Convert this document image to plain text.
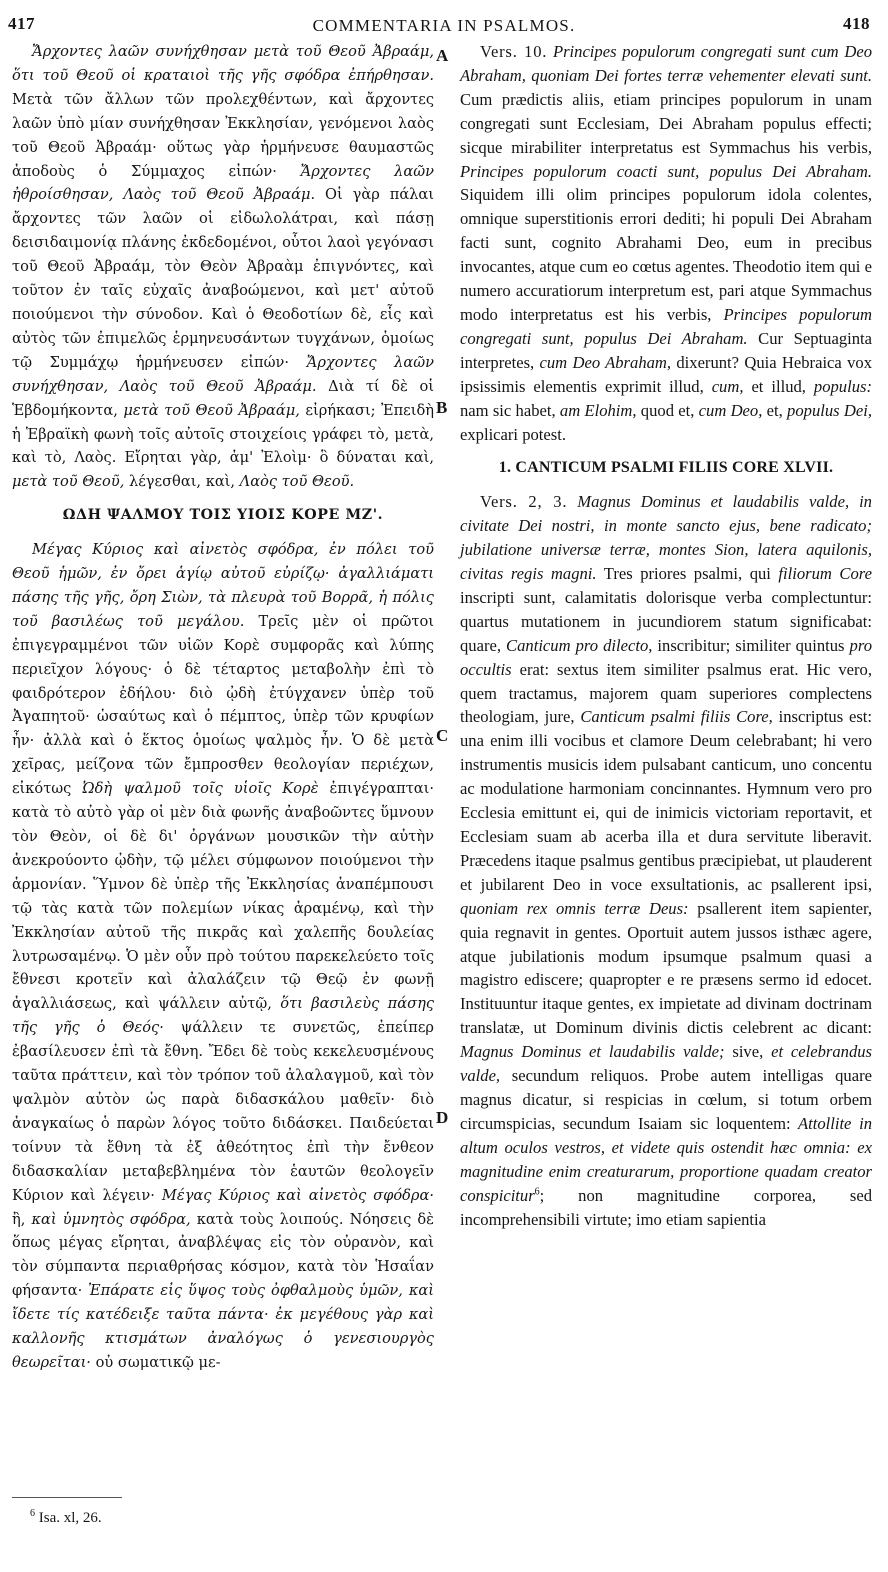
417	COMMENTARIA IN PSALMOS.	418

Ἄρχοντες λαῶν συνήχθησαν μετὰ τοῦ Θεοῦ Ἀβραάμ, ὅτι τοῦ Θεοῦ οἱ κραταιοὶ τῆς γῆς σφόδρα ἐπήρθησαν. Μετὰ τῶν ἄλλων τῶν προλεχθέντων, καὶ ἄρχοντες λαῶν ὑπὸ μίαν συνήχθησαν Ἐκκλησίαν, γενόμενοι λαὸς τοῦ Θεοῦ Ἀβραάμ· οὕτως γὰρ ἡρμήνευσε θαυμαστῶς ἀποδοὺς ὁ Σύμμαχος εἰπών· Ἄρχοντες λαῶν ἠθροίσθησαν, Λαὸς τοῦ Θεοῦ Ἀβραάμ. Οἱ γὰρ πάλαι ἄρχοντες τῶν λαῶν οἱ εἰδωλολάτραι, καὶ πάσῃ δεισιδαιμονίᾳ πλάνης ἐκδεδομένοι, οὗτοι λαοὶ γεγόνασι τοῦ Θεοῦ Ἀβραάμ, τὸν Θεὸν Ἀβραὰμ ἐπιγνόντες, καὶ τοῦτον ἐν ταῖς εὐχαῖς ἀναβοώμενοι, καὶ μετ' αὐτοῦ ποιούμενοι τὴν σύνοδον. Καὶ ὁ Θεοδοτίων δὲ, εἷς καὶ αὐτὸς τῶν ἐπιμελῶς ἑρμηνευσάντων τυγχάνων, ὁμοίως τῷ Συμμάχῳ ἡρμήνευσεν εἰπών· Ἄρχοντες λαῶν συνήχθησαν, Λαὸς τοῦ Θεοῦ Ἀβραάμ. Διὰ τί δὲ οἱ Ἑβδομήκοντα, μετὰ τοῦ Θεοῦ Ἀβραάμ, εἰρήκασι; Ἐπειδὴ ἡ Ἑβραϊκὴ φωνὴ τοῖς αὐτοῖς στοιχείοις γράφει τὸ, μετὰ, καὶ τὸ, Λαὸς. Εἴρηται γὰρ, ἀμ' Ἐλοὶμ· ὃ δύναται καὶ, μετὰ τοῦ Θεοῦ, λέγεσθαι, καὶ, Λαὸς τοῦ Θεοῦ.

ΩΔΗ ΨΑΛΜΟΥ ΤΟΙΣ ΥΙΟΙΣ ΚΟΡΕ ΜΖ'.

Μέγας Κύριος καὶ αἰνετὸς σφόδρα, ἐν πόλει τοῦ Θεοῦ ἡμῶν, ἐν ὄρει ἁγίῳ αὐτοῦ εὐρίζῳ· ἀγαλλιάματι πάσης τῆς γῆς, ὄρη Σιὼν, τὰ πλευρὰ τοῦ Βορρᾶ, ἡ πόλις τοῦ βασιλέως τοῦ μεγάλου. Τρεῖς μὲν οἱ πρῶτοι ἐπιγεγραμμένοι τῶν υἱῶν Κορὲ συμφορᾶς καὶ λύπης περιεῖχον λόγους· ὁ δὲ τέταρτος μεταβολὴν ἐπὶ τὸ φαιδρότερον ἐδήλου· διὸ ᾠδὴ ἐτύγχανεν ὑπὲρ τοῦ Ἀγαπητοῦ· ὡσαύτως καὶ ὁ πέμπτος, ὑπὲρ τῶν κρυφίων ἦν· ἀλλὰ καὶ ὁ ἕκτος ὁμοίως ψαλμὸς ἦν. Ὁ δὲ μετὰ χεῖρας, μείζονα τῶν ἔμπροσθεν θεολογίαν περιέχων, εἰκότως Ὠδὴ ψαλμοῦ τοῖς υἱοῖς Κορὲ ἐπιγέγραπται· κατὰ τὸ αὐτὸ γὰρ οἱ μὲν διὰ φωνῆς ἀναβοῶντες ὕμνουν τὸν Θεὸν, οἱ δὲ δι' ὀργάνων μουσικῶν τὴν αὐτὴν ἀνεκρούοντο ᾠδὴν, τῷ μέλει σύμφωνον ποιούμενοι τὴν ἁρμονίαν. Ὕμνον δὲ ὑπὲρ τῆς Ἐκκλησίας ἀναπέμπουσι τῷ τὰς κατὰ τῶν πολεμίων νίκας ἀραμένῳ, καὶ τὴν Ἐκκλησίαν αὐτοῦ τῆς πικρᾶς καὶ χαλεπῆς δουλείας λυτρωσαμένῳ. Ὁ μὲν οὖν πρὸ τούτου παρεκελεύετο τοῖς ἔθνεσι κροτεῖν καὶ ἀλαλάζειν τῷ Θεῷ ἐν φωνῇ ἀγαλλιάσεως, καὶ ψάλλειν αὐτῷ, ὅτι βασιλεὺς πάσης τῆς γῆς ὁ Θεός· ψάλλειν τε συνετῶς, ἐπείπερ ἐβασίλευσεν ἐπὶ τὰ ἔθνη. Ἔδει δὲ τοὺς κεκελευσμένους ταῦτα πράττειν, καὶ τὸν τρόπον τοῦ ἀλαλαγμοῦ, καὶ τὸν ψαλμὸν αὐτὸν ὡς παρὰ διδασκάλου μαθεῖν· διὸ ἀναγκαίως ὁ παρὼν λόγος τοῦτο διδάσκει. Παιδεύεται τοίνυν τὰ ἔθνη τὰ ἐξ ἀθεότητος ἐπὶ τὴν ἔνθεον διδασκαλίαν μεταβεβλημένα τὸν ἑαυτῶν θεολογεῖν Κύριον καὶ λέγειν· Μέγας Κύριος καὶ αἰνετὸς σφόδρα· ἢ, καὶ ὑμνητὸς σφόδρα, κατὰ τοὺς λοιπούς. Νόησεις δὲ ὅπως μέγας εἴρηται, ἀναβλέψας εἰς τὸν οὐρανὸν, καὶ τὸν σύμπαντα περιαθρήσας κόσμον, κατὰ τὸν Ἡσαΐαν φήσαντα· Ἐπάρατε εἰς ὕψος τοὺς ὀφθαλμοὺς ὑμῶν, καὶ ἴδετε τίς κατέδειξε ταῦτα πάντα· ἐκ μεγέθους γὰρ καὶ καλλονῆς κτισμάτων ἀναλόγως ὁ γενεσιουργὸς θεωρεῖται· οὐ σωματικῷ με-

A
B
C
D

Vers. 10. Principes populorum congregati sunt cum Deo Abraham, quoniam Dei fortes terræ vehementer elevati sunt. Cum prædictis aliis, etiam principes populorum in unam congregati sunt Ecclesiam, Dei Abraham populus effecti; sicque mirabiliter interpretatus est Symmachus his verbis, Principes populorum coacti sunt, populus Dei Abraham. Siquidem illi olim principes populorum idola colentes, omnique superstitionis errori dediti; hi populi Dei Abraham facti sunt, cognito Abrahami Deo, eum in precibus invocantes, atque cum eo cœtus agentes. Theodotio item qui e numero accuratiorum interpretum est, pari atque Symmachus modo interpretatus est his verbis, Principes populorum congregati sunt, populus Dei Abraham. Cur Septuaginta interpretes, cum Deo Abraham, dixerunt? Quia Hebraica vox ipsissimis elementis exprimit illud, cum, et illud, populus: nam sic habet, am Elohim, quod et, cum Deo, et, populus Dei, explicari potest.

1. CANTICUM PSALMI FILIIS CORE XLVII.

Vers. 2, 3. Magnus Dominus et laudabilis valde, in civitate Dei nostri, in monte sancto ejus, bene radicato; jubilatione universæ terræ, montes Sion, latera aquilonis, civitas regis magni. Tres priores psalmi, qui filiorum Core inscripti sunt, calamitatis dolorisque verba complectuntur: quartus mutationem in jucundiorem statum significabat: quare, Canticum pro dilecto, inscribitur; similiter quintus pro occultis erat: sextus item similiter psalmus erat. Hic vero, quem tractamus, majorem quam superiores complectens theologiam, jure, Canticum psalmi filiis Core, inscriptus est: una enim illi vocibus et clamore Deum celebrabant; hi vero instrumentis musicis idem pulsabant canticum, uno concentu ac modulatione harmoniam concinnantes. Hymnum vero pro Ecclesia emittunt ei, qui de inimicis victoriam reportavit, et Ecclesiam suam ab acerba illa et dura servitute liberavit. Præcedens itaque psalmus gentibus præcipiebat, ut plauderent et jubilarent Deo in voce exsultationis, ac psallerent ipsi, quoniam rex omnis terræ Deus: psallerent item sapienter, quia regnavit in gentes. Oportuit autem jussos isthæc agere, atque jubilationis modum ipsumque psalmum quasi a magistro ediscere; quapropter e re præsens sermo id edocet. Instituuntur itaque gentes, ex impietate ad divinam doctrinam translatæ, ut Dominum divinis dictis celebrent ac dicant: Magnus Dominus et laudabilis valde; sive, et celebrandus valde, secundum reliquos. Probe autem intelligas quare magnus dicatur, si respicias in cœlum, si totum orbem circumspicias, secundum Isaiam sic loquentem: Attollite in altum oculos vestros, et videte quis ostendit hæc omnia: ex magnitudine enim creaturarum, proportione quadam creator conspicitur$^6$; non magnitudine corporea, sed incomprehensibili virtute; imo etiam sapientia

$^6$ Isa. xl, 26.
